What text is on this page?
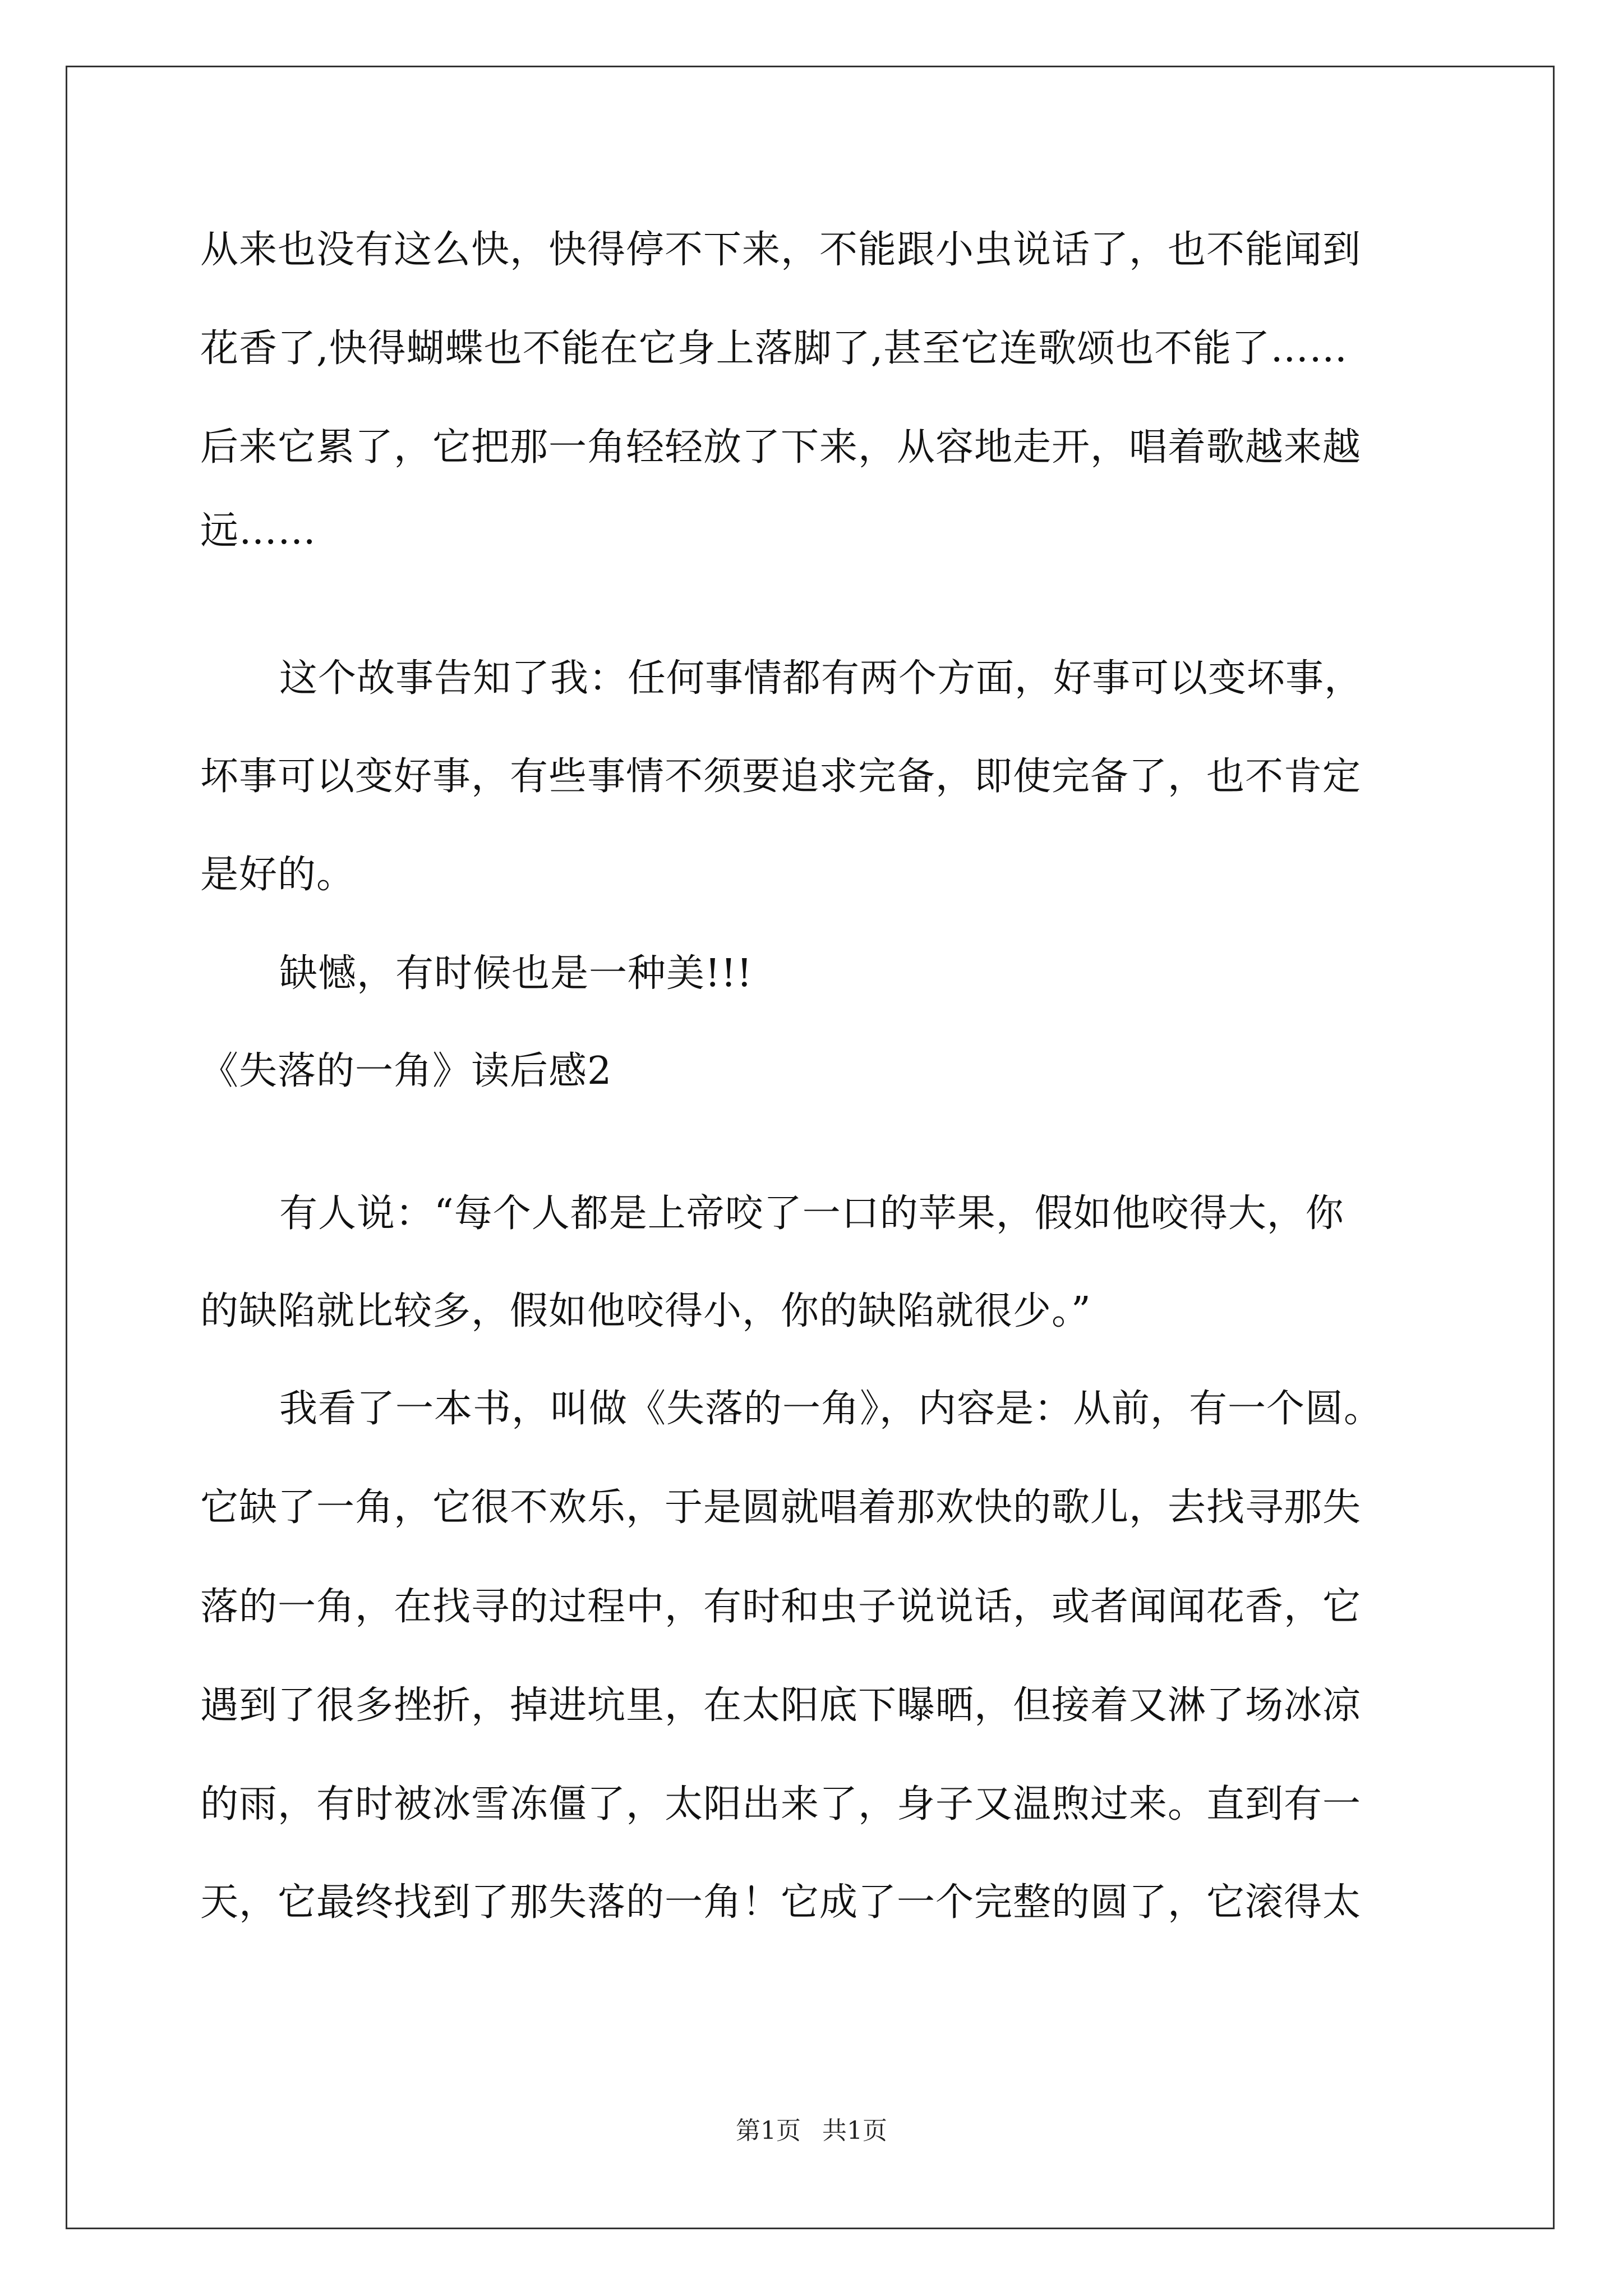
从来也没有这么快，快得停不下来，不能跟小虫说话了，也不能闻到
花香了,快得蝴蝶也不能在它身上落脚了,甚至它连歌颂也不能了……
后来它累了，它把那一角轻轻放了下来，从容地走开，唱着歌越来越
远……
这个故事告知了我：任何事情都有两个方面，好事可以变坏事，
坏事可以变好事，有些事情不须要追求完备，即使完备了，也不肯定
是好的。
缺憾，有时候也是一种美!!!
《失落的一角》读后感2
有人说：“每个人都是上帝咬了一口的苹果，假如他咬得大，你
的缺陷就比较多，假如他咬得小，你的缺陷就很少。”
我看了一本书，叫做《失落的一角》，内容是：从前，有一个圆。
它缺了一角，它很不欢乐，于是圆就唱着那欢快的歌儿，去找寻那失
落的一角，在找寻的过程中，有时和虫子说说话，或者闻闻花香，它
遇到了很多挫折，掉进坑里，在太阳底下曝晒，但接着又淋了场冰凉
的雨，有时被冰雪冻僵了，太阳出来了，身子又温煦过来。直到有一
天，它最终找到了那失落的一角！它成了一个完整的圆了，它滚得太
第1页 共1页
